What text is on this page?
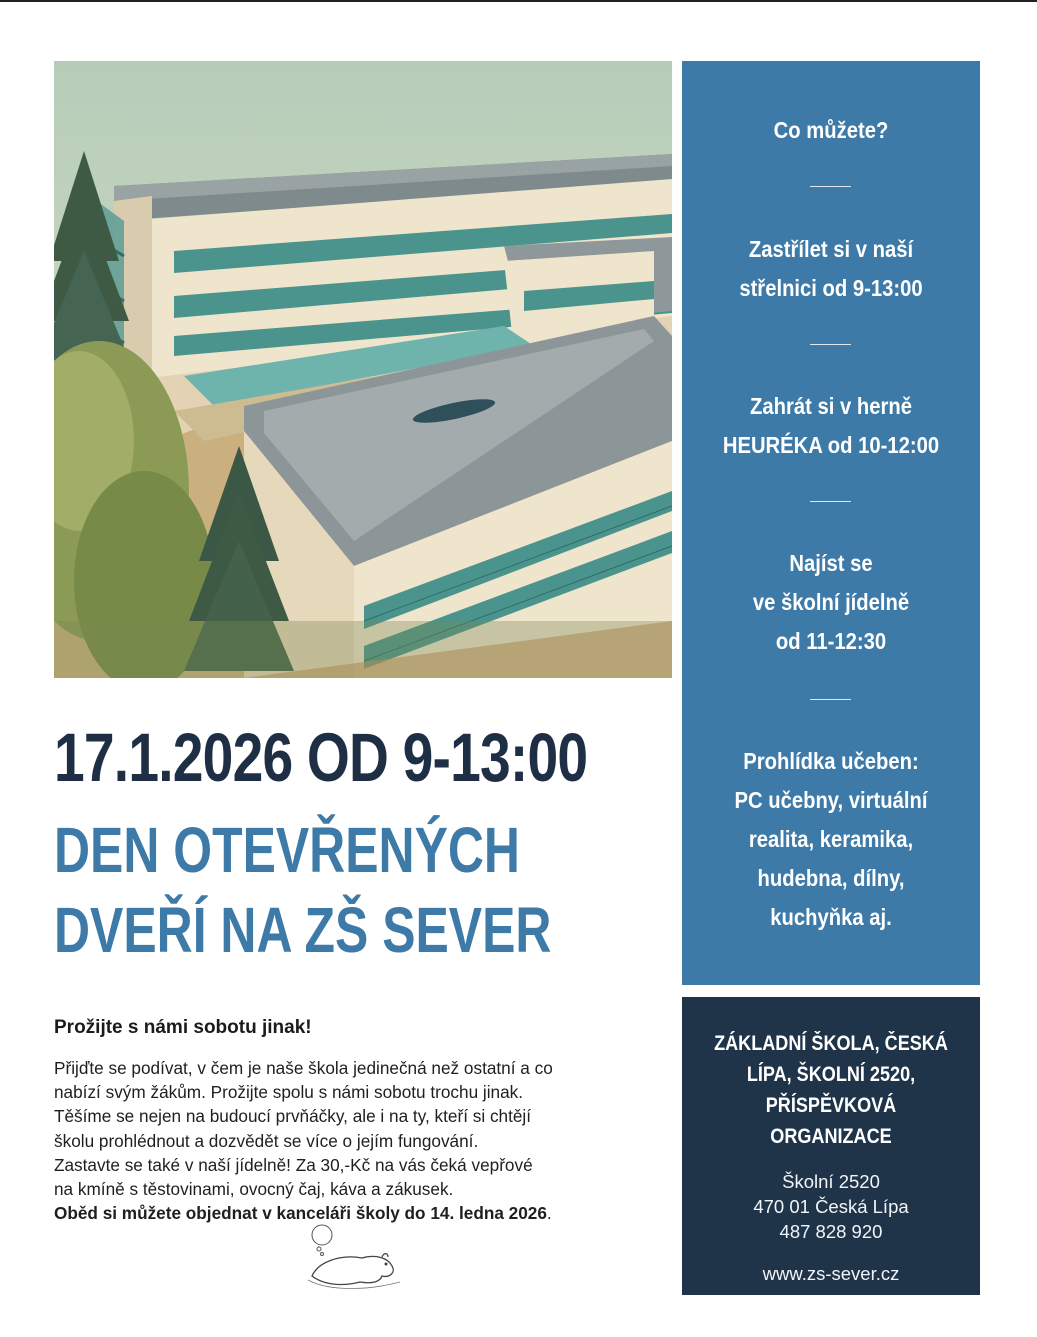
Co můžete?
Zastřílet si v naší
střelnici od 9-13:00
Zahrát si v herně
HEURÉKA od 10-12:00
Najíst se
ve školní jídelně
od 11-12:30
Prohlídka učeben:
PC učebny, virtuální
realita, keramika,
hudebna, dílny,
kuchyňka aj.
17.1.2026 OD 9-13:00
DEN OTEVŘENÝCH
DVEŘÍ NA ZŠ SEVER
Prožijte s námi sobotu jinak!
Přijďte se podívat, v čem je naše škola jedinečná než ostatní a co
nabízí svým žákům. Prožijte spolu s námi sobotu trochu jinak.
Těšíme se nejen na budoucí prvňáčky, ale i na ty, kteří si chtějí
školu prohlédnout a dozvědět se více o jejím fungování.
Zastavte se také v naší jídelně! Za 30,-Kč na vás čeká vepřové
na kmíně s těstovinami, ovocný čaj, káva a zákusek.
Oběd si můžete objednat v kanceláři školy do 14. ledna 2026.
ZÁKLADNÍ ŠKOLA, ČESKÁ
LÍPA, ŠKOLNÍ 2520,
PŘÍSPĚVKOVÁ
ORGANIZACE
Školní 2520
470 01 Česká Lípa
487 828 920
www.zs-sever.cz
